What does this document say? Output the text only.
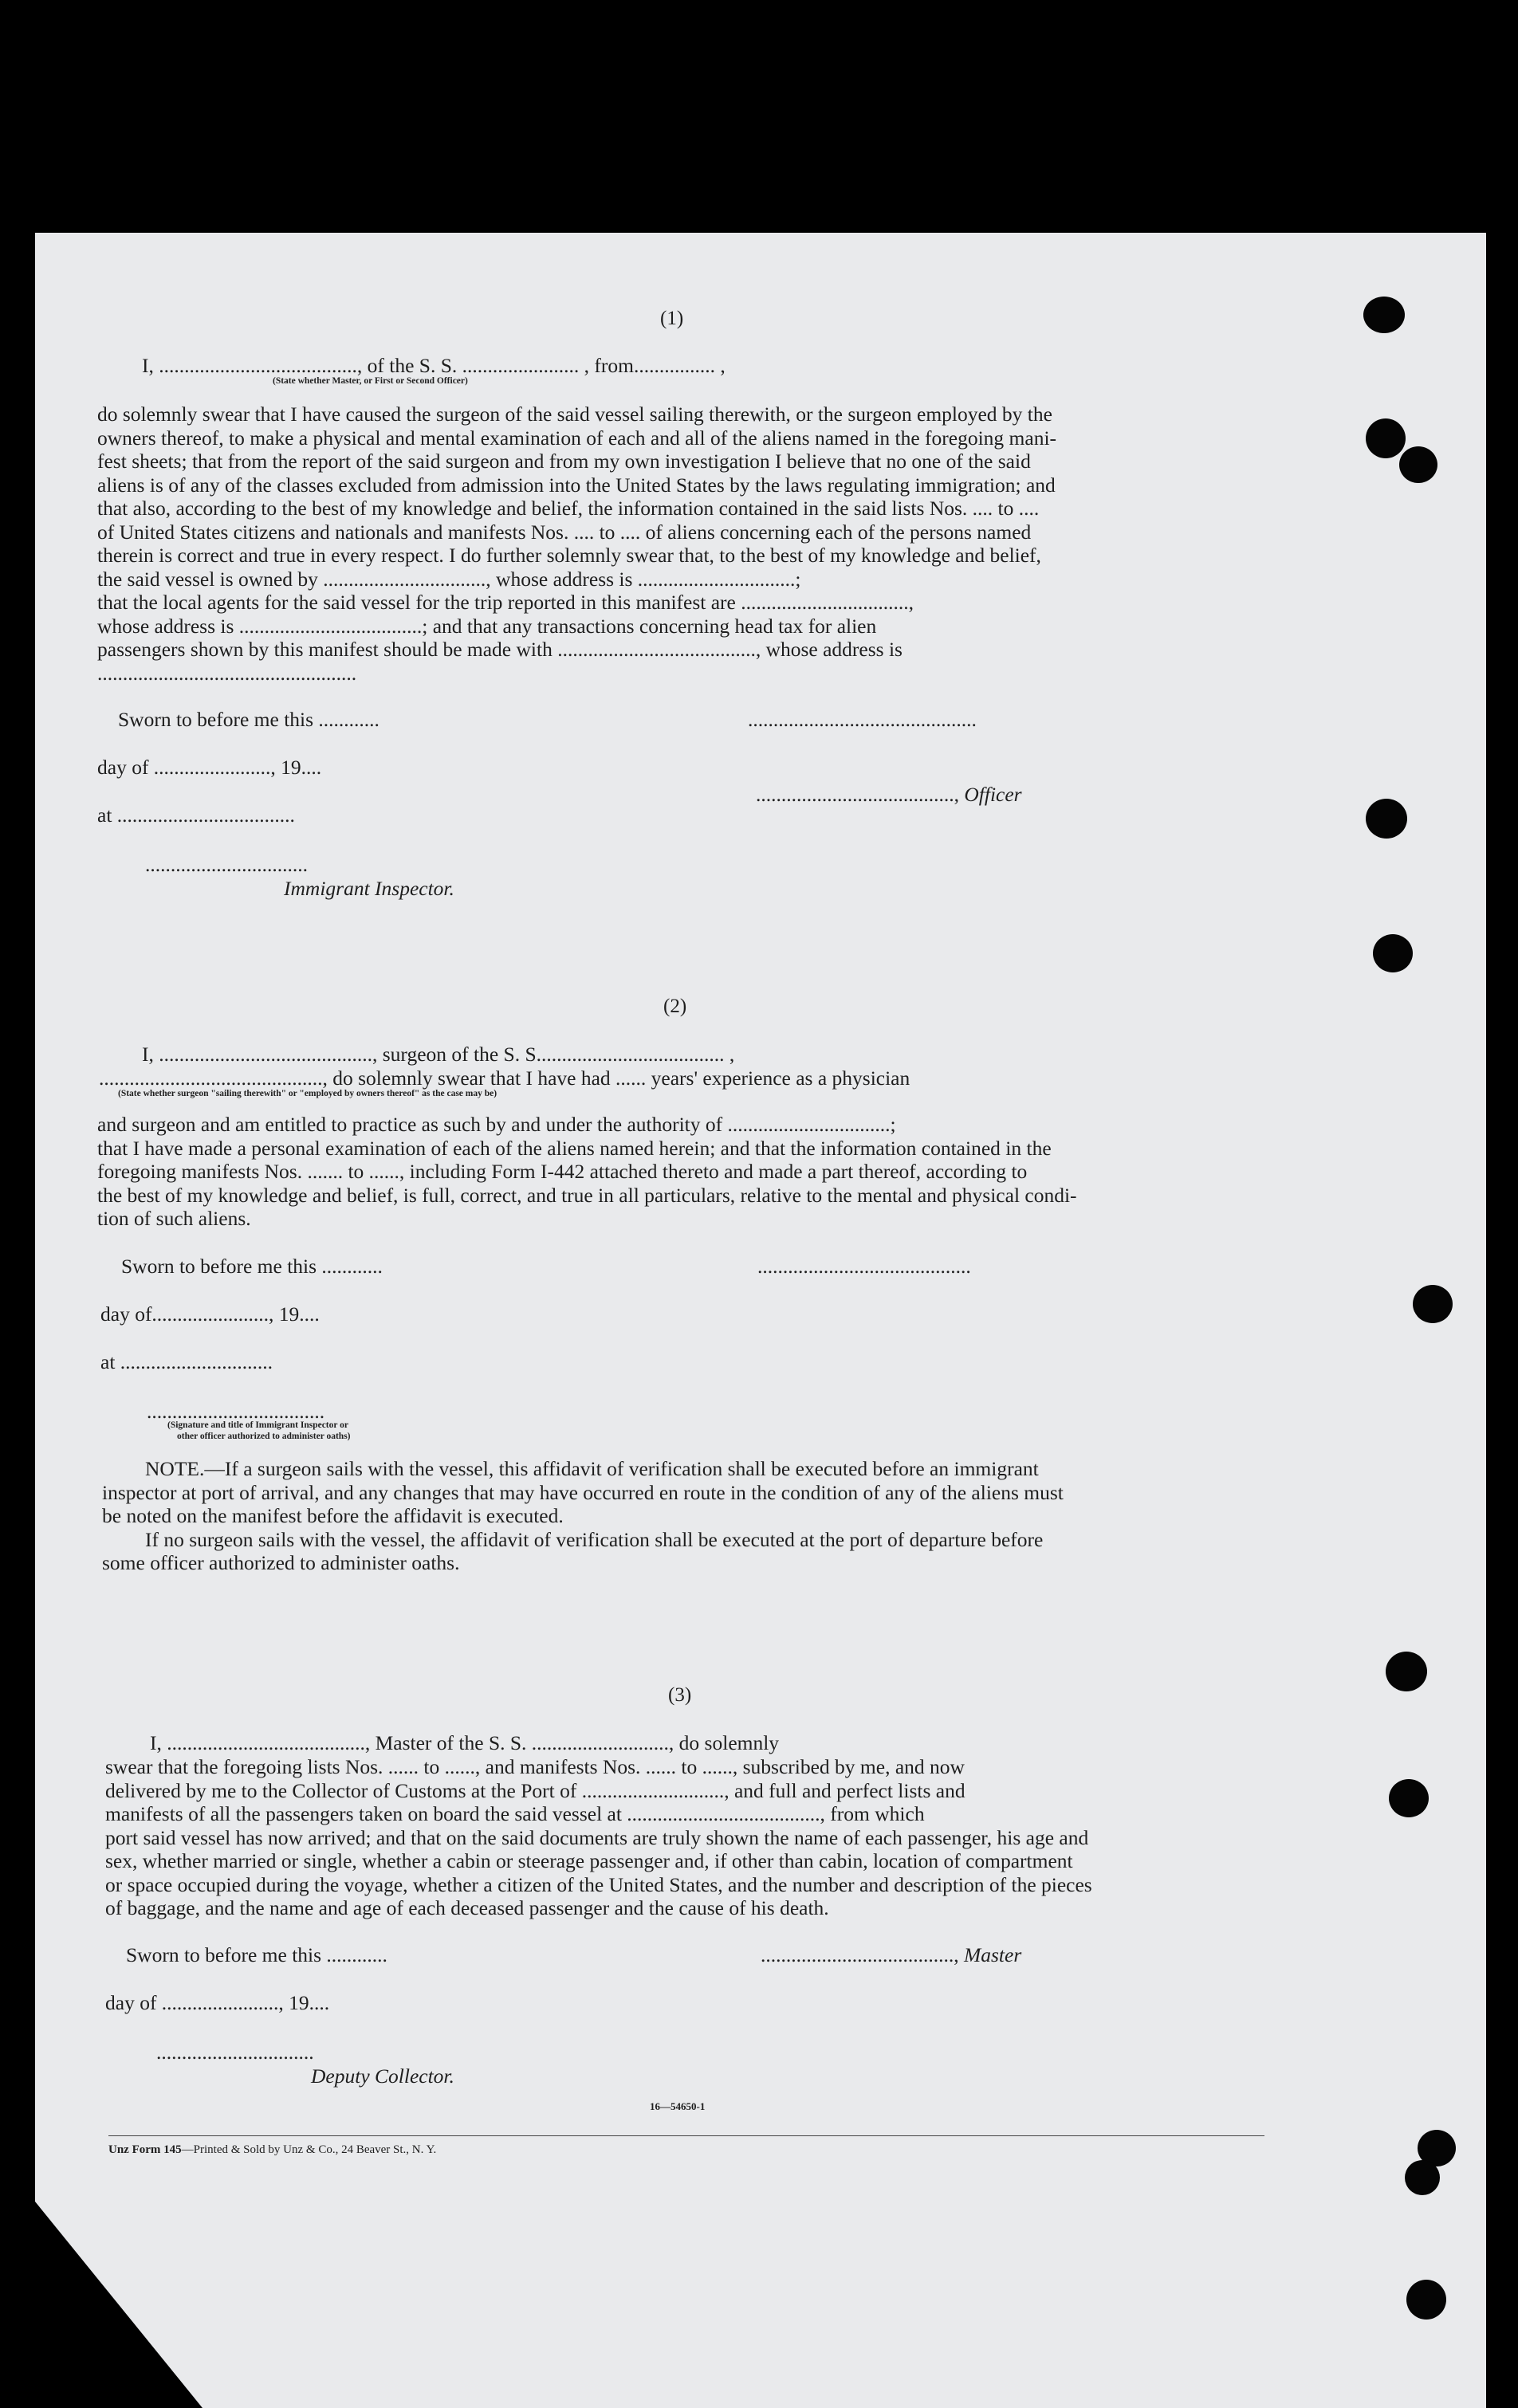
(1)
I, ......................................., of the S. S. ....................... , from................ ,
(State whether Master, or First or Second Officer)
do solemnly swear that I have caused the surgeon of the said vessel sailing therewith, or the surgeon employed by the
owners thereof, to make a physical and mental examination of each and all of the aliens named in the foregoing mani-
fest sheets; that from the report of the said surgeon and from my own investigation I believe that no one of the said
aliens is of any of the classes excluded from admission into the United States by the laws regulating immigration; and
that also, according to the best of my knowledge and belief, the information contained in the said lists Nos. .... to ....
of United States citizens and nationals and manifests Nos. .... to .... of aliens concerning each of the persons named
therein is correct and true in every respect. I do further solemnly swear that, to the best of my knowledge and belief,
the said vessel is owned by ................................, whose address is ...............................;
that the local agents for the said vessel for the trip reported in this manifest are .................................,
whose address is ....................................; and that any transactions concerning head tax for alien
passengers shown by this manifest should be made with ......................................., whose address is
...................................................
Sworn to before me this ............	.............................................
day of ......................., 19....
......................................., Officer
at ...................................
................................
Immigrant Inspector.
(2)
I, .........................................., surgeon of the S. S..................................... ,
............................................, do solemnly swear that I have had ...... years' experience as a physician
(State whether surgeon "sailing therewith" or "employed by owners thereof" as the case may be)
and surgeon and am entitled to practice as such by and under the authority of ................................;
that I have made a personal examination of each of the aliens named herein; and that the information contained in the
foregoing manifests Nos. ....... to ......, including Form I-442 attached thereto and made a part thereof, according to
the best of my knowledge and belief, is full, correct, and true in all particulars, relative to the mental and physical condi-
tion of such aliens.
Sworn to before me this ............	..........................................
day of......................., 19....
at ..............................
...................................
(Signature and title of Immigrant Inspector or
other officer authorized to administer oaths)
NOTE.—If a surgeon sails with the vessel, this affidavit of verification shall be executed before an immigrant
inspector at port of arrival, and any changes that may have occurred en route in the condition of any of the aliens must
be noted on the manifest before the affidavit is executed.
If no surgeon sails with the vessel, the affidavit of verification shall be executed at the port of departure before
some officer authorized to administer oaths.
(3)
I, ......................................., Master of the S. S. ..........................., do solemnly
swear that the foregoing lists Nos. ...... to ......, and manifests Nos. ...... to ......, subscribed by me, and now
delivered by me to the Collector of Customs at the Port of ............................, and full and perfect lists and
manifests of all the passengers taken on board the said vessel at ......................................, from which
port said vessel has now arrived; and that on the said documents are truly shown the name of each passenger, his age and
sex, whether married or single, whether a cabin or steerage passenger and, if other than cabin, location of compartment
or space occupied during the voyage, whether a citizen of the United States, and the number and description of the pieces
of baggage, and the name and age of each deceased passenger and the cause of his death.
Sworn to before me this ............	......................................, Master
day of ......................., 19....
...............................
Deputy Collector.
16—54650-1
Unz Form 145—Printed & Sold by Unz & Co., 24 Beaver St., N. Y.
